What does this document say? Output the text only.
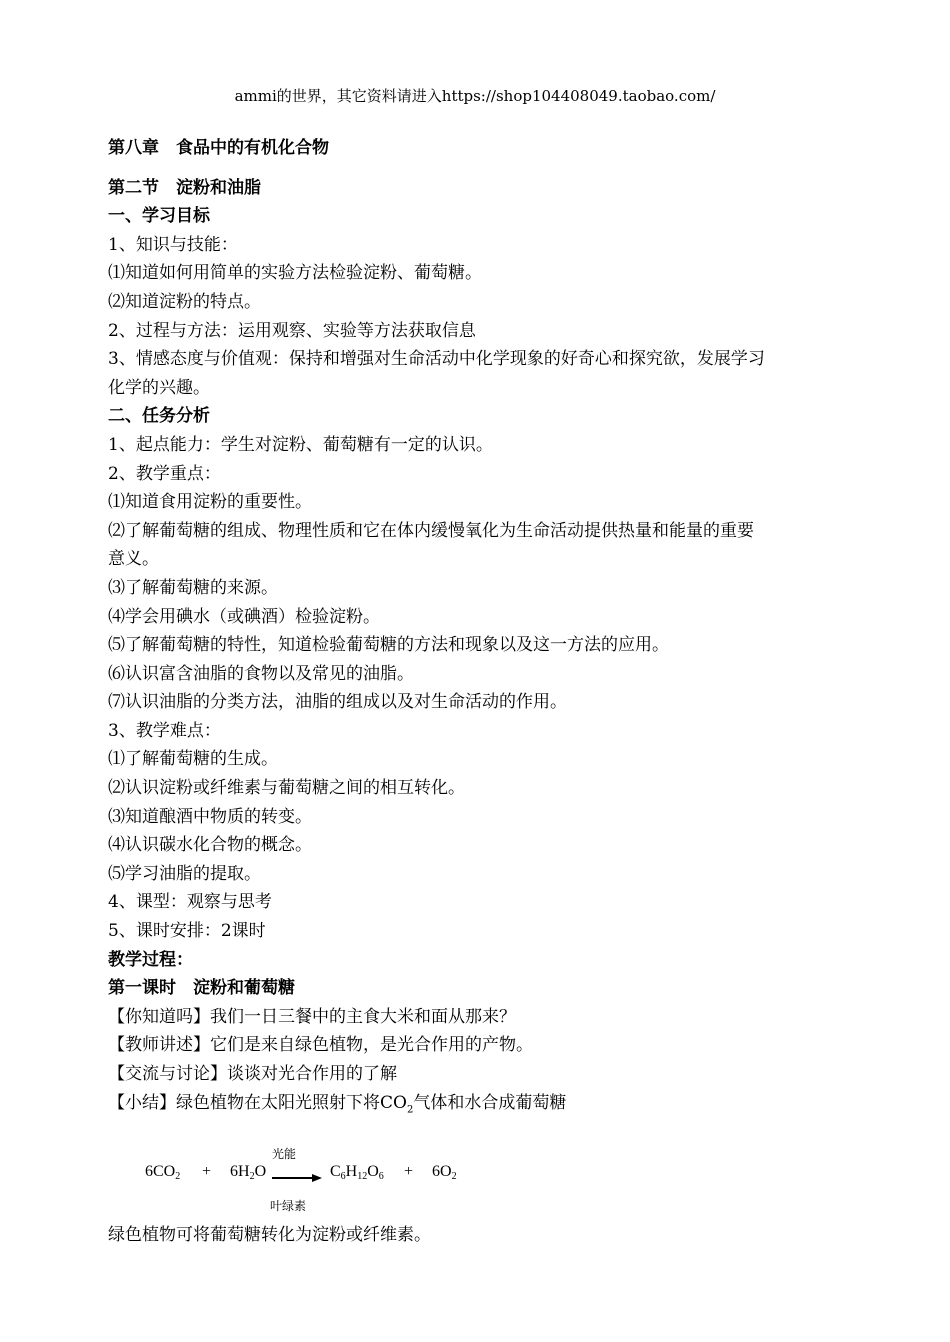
ammi的世界，其它资料请进入https://shop104408049.taobao.com/
第八章　食品中的有机化合物
第二节　淀粉和油脂
一、学习目标
1、知识与技能：
⑴知道如何用简单的实验方法检验淀粉、葡萄糖。
⑵知道淀粉的特点。
2、过程与方法：运用观察、实验等方法获取信息
3、情感态度与价值观：保持和增强对生命活动中化学现象的好奇心和探究欲，发展学习
化学的兴趣。
二、任务分析
1、起点能力：学生对淀粉、葡萄糖有一定的认识。
2、教学重点：
⑴知道食用淀粉的重要性。
⑵了解葡萄糖的组成、物理性质和它在体内缓慢氧化为生命活动提供热量和能量的重要
意义。
⑶了解葡萄糖的来源。
⑷学会用碘水（或碘酒）检验淀粉。
⑸了解葡萄糖的特性，知道检验葡萄糖的方法和现象以及这一方法的应用。
⑹认识富含油脂的食物以及常见的油脂。
⑺认识油脂的分类方法，油脂的组成以及对生命活动的作用。
3、教学难点：
⑴了解葡萄糖的生成。
⑵认识淀粉或纤维素与葡萄糖之间的相互转化。
⑶知道酿酒中物质的转变。
⑷认识碳水化合物的概念。
⑸学习油脂的提取。
4、课型：观察与思考
5、课时安排：2课时
教学过程：
第一课时　淀粉和葡萄糖
【你知道吗】我们一日三餐中的主食大米和面从那来？
【教师讲述】它们是来自绿色植物，是光合作用的产物。
【交流与讨论】谈谈对光合作用的了解
【小结】绿色植物在太阳光照射下将$CO_2$气体和水合成葡萄糖
光能
$6CO_2 + 6H_2O \to C_6H_{12}O_6 + 6O_2$
叶绿素
绿色植物可将葡萄糖转化为淀粉或纤维素。
